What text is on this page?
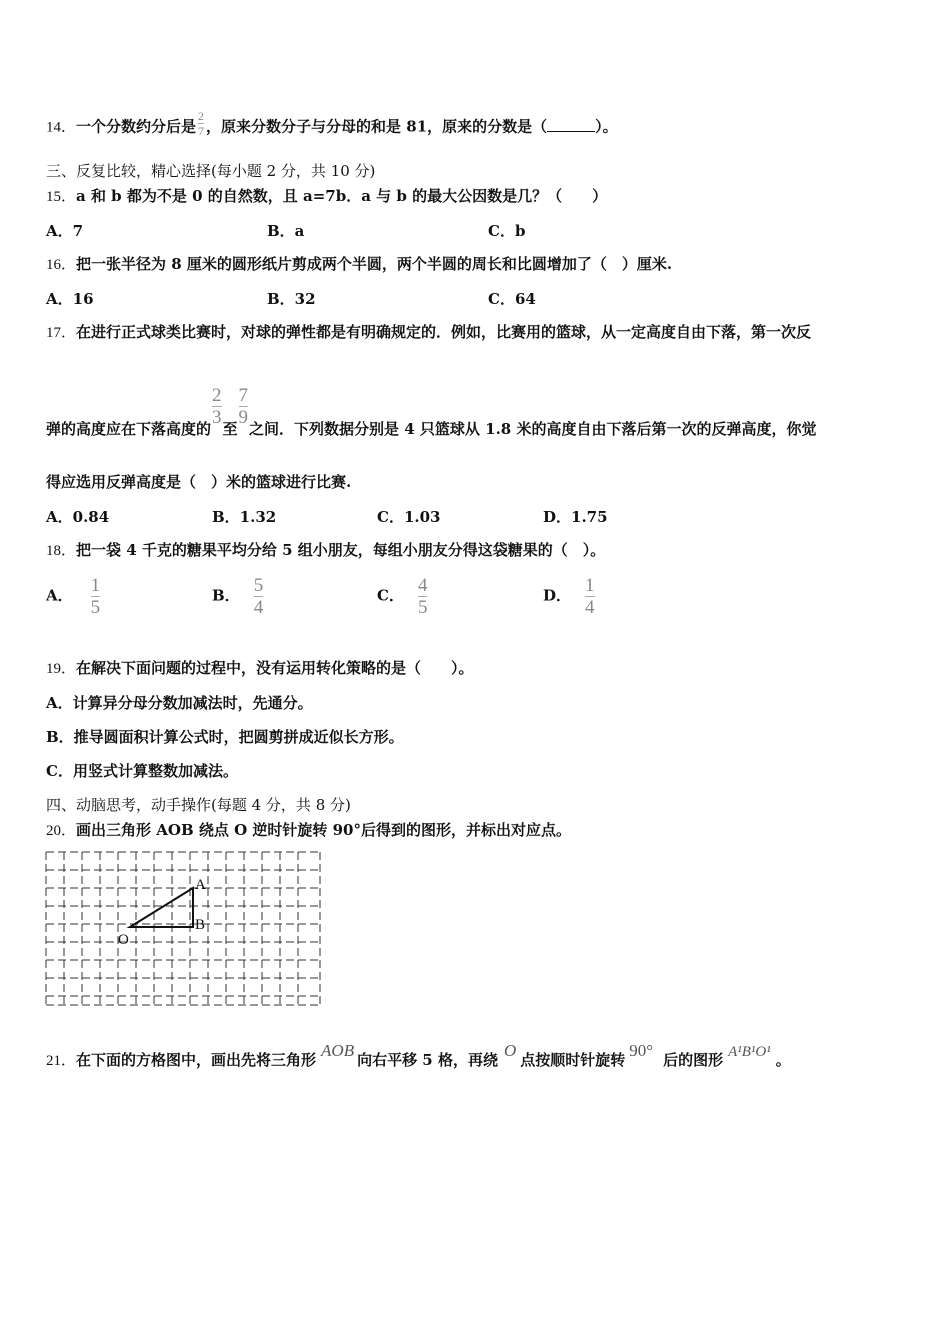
14．一个分数约分后是 $\frac{2}{7}$ ，原来分数分子与分母的和是 81，原来的分数是（	）。
三、反复比较，精心选择(每小题 2 分，共 10 分)
15．a 和 b 都为不是 0 的自然数，且 a=7b．a 与 b 的最大公因数是几？（　　）
A．7	B．a	C．b
16．把一张半径为 8 厘米的圆形纸片剪成两个半圆，两个半圆的周长和比圆增加了（　）厘米.
A．16	B．32	C．64
17．在进行正式球类比赛时，对球的弹性都是有明确规定的．例如，比赛用的篮球，从一定高度自由下落，第一次反
弹的高度应在下落高度的
$\frac{2}{3}$
至
$\frac{7}{9}$
之间．下列数据分别是 4 只篮球从 1.8 米的高度自由下落后第一次的反弹高度，你觉
得应选用反弹高度是（　）米的篮球进行比赛.
A．0.84	B．1.32	C．1.03	D．1.75
18．把一袋 4 千克的糖果平均分给 5 组小朋友，每组小朋友分得这袋糖果的（　）。
A． $\frac{1}{5}$	B． $\frac{5}{4}$	C． $\frac{4}{5}$	D． $\frac{1}{4}$
19．在解决下面问题的过程中，没有运用转化策略的是（　　）。
A．计算异分母分数加减法时，先通分。
B．推导圆面积计算公式时，把圆剪拼成近似长方形。
C．用竖式计算整数加减法。
四、动脑思考，动手操作(每题 4 分，共 8 分)
20．画出三角形 AOB 绕点 O 逆时针旋转 90°后得到的图形，并标出对应点。
A
B
O
21．在下面的方格图中，画出先将三角形 AOB 向右平移 5 格，再绕 O 点按顺时针旋转 90° 后的图形 A¹B¹O¹ 。
